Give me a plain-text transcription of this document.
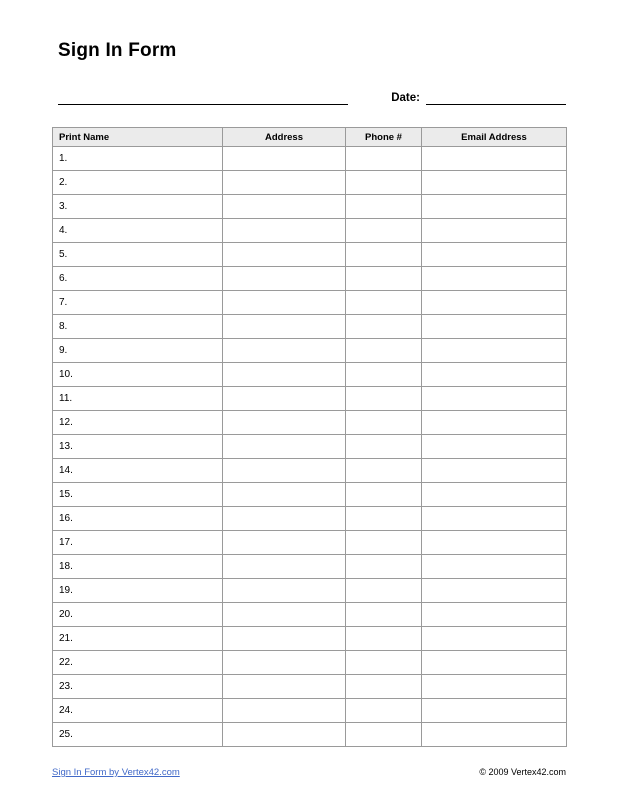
Sign In Form
Date:
Print Name	Address	Phone #	Email Address
1.			
2.			
3.			
4.			
5.			
6.			
7.			
8.			
9.			
10.			
11.			
12.			
13.			
14.			
15.			
16.			
17.			
18.			
19.			
20.			
21.			
22.			
23.			
24.			
25.			
Sign In Form by Vertex42.com	© 2009 Vertex42.com
